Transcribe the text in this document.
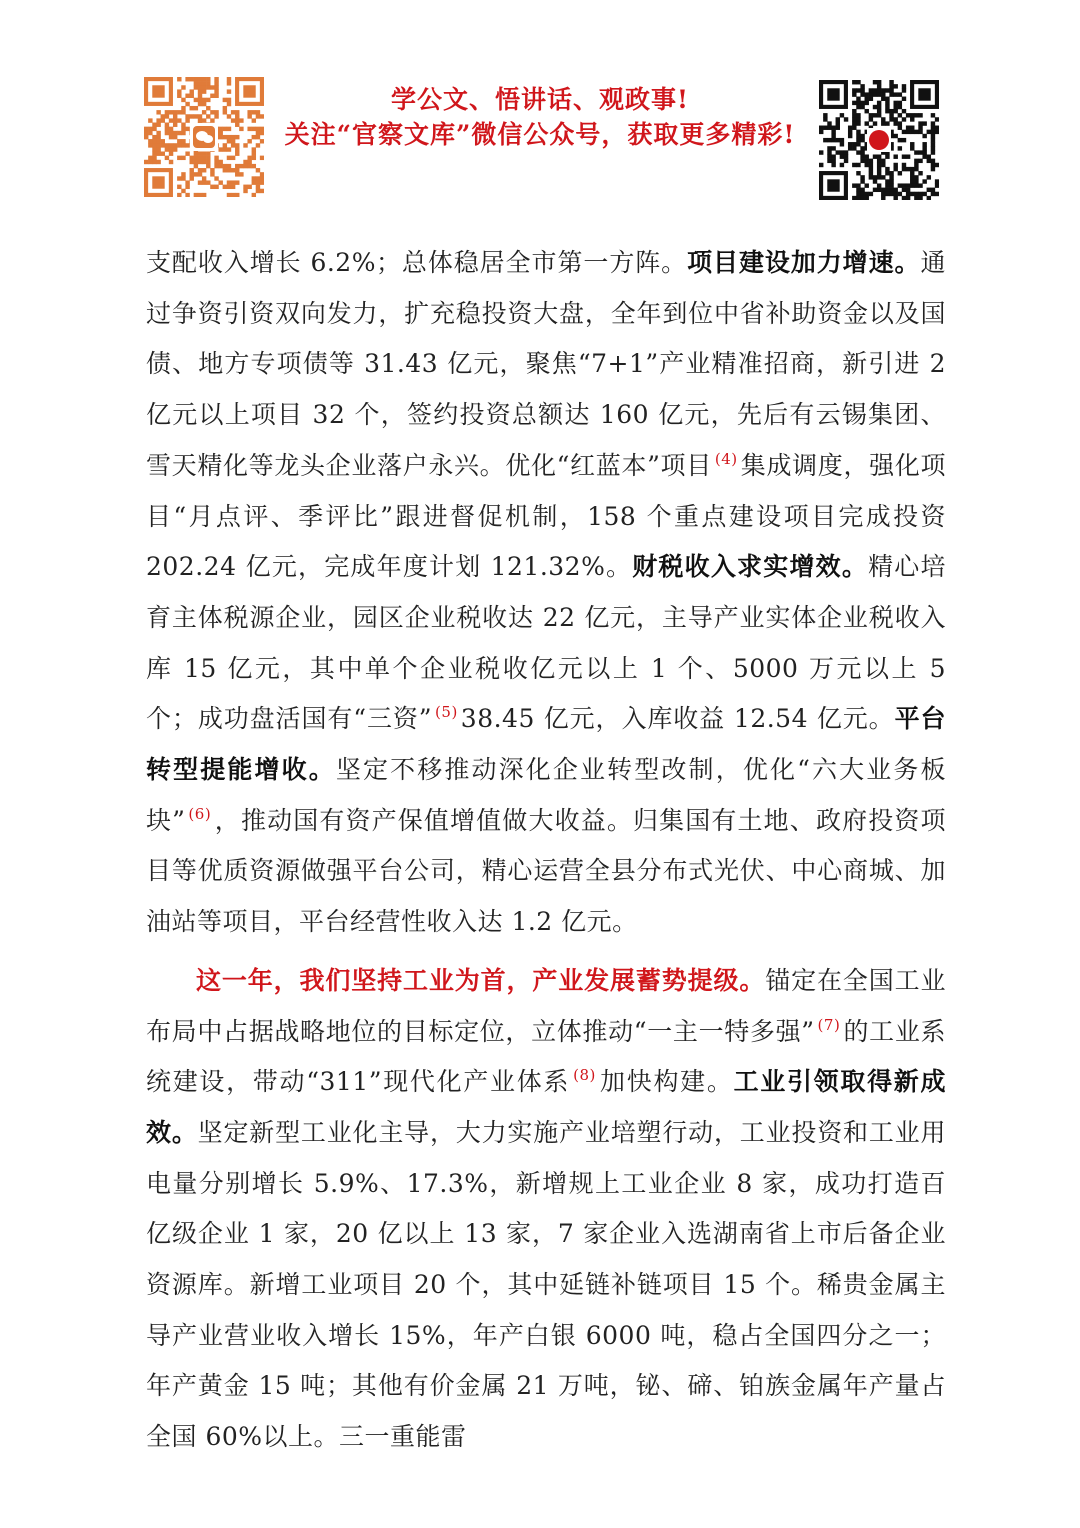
学公文、悟讲话、观政事!
关注“官察文库”微信公众号，获取更多精彩!

支配收入增长 6.2%；总体稳居全市第一方阵。项目建设加力增速。通过争资引资双向发力，扩充稳投资大盘，全年到位中省补助资金以及国债、地方专项债等 31.43 亿元，聚焦“7+1”产业精准招商，新引进 2 亿元以上项目 32 个，签约投资总额达 160 亿元，先后有云锡集团、雪天精化等龙头企业落户永兴。优化“红蓝本”项目 $^{(4)}$ 集成调度，强化项目“月点评、季评比”跟进督促机制，158 个重点建设项目完成投资 202.24 亿元，完成年度计划 121.32%。财税收入求实增效。精心培育主体税源企业，园区企业税收达 22 亿元，主导产业实体企业税收入库 15 亿元，其中单个企业税收亿元以上 1 个、5000 万元以上 5 个；成功盘活国有“三资” $^{(5)}$ 38.45 亿元，入库收益 12.54 亿元。平台转型提能增收。坚定不移推动深化企业转型改制，优化“六大业务板块” $^{(6)}$ ，推动国有资产保值增值做大收益。归集国有土地、政府投资项目等优质资源做强平台公司，精心运营全县分布式光伏、中心商城、加油站等项目，平台经营性收入达 1.2 亿元。

这一年，我们坚持工业为首，产业发展蓄势提级。锚定在全国工业布局中占据战略地位的目标定位，立体推动“一主一特多强” $^{(7)}$ 的工业系统建设，带动“311”现代化产业体系 $^{(8)}$ 加快构建。工业引领取得新成效。坚定新型工业化主导，大力实施产业培塑行动，工业投资和工业用电量分别增长 5.9%、17.3%，新增规上工业企业 8 家，成功打造百亿级企业 1 家，20 亿以上 13 家，7 家企业入选湖南省上市后备企业资源库。新增工业项目 20 个，其中延链补链项目 15 个。稀贵金属主导产业营业收入增长 15%，年产白银 6000 吨，稳占全国四分之一；年产黄金 15 吨；其他有价金属 21 万吨，铋、碲、铂族金属年产量占全国 60%以上。三一重能雷
